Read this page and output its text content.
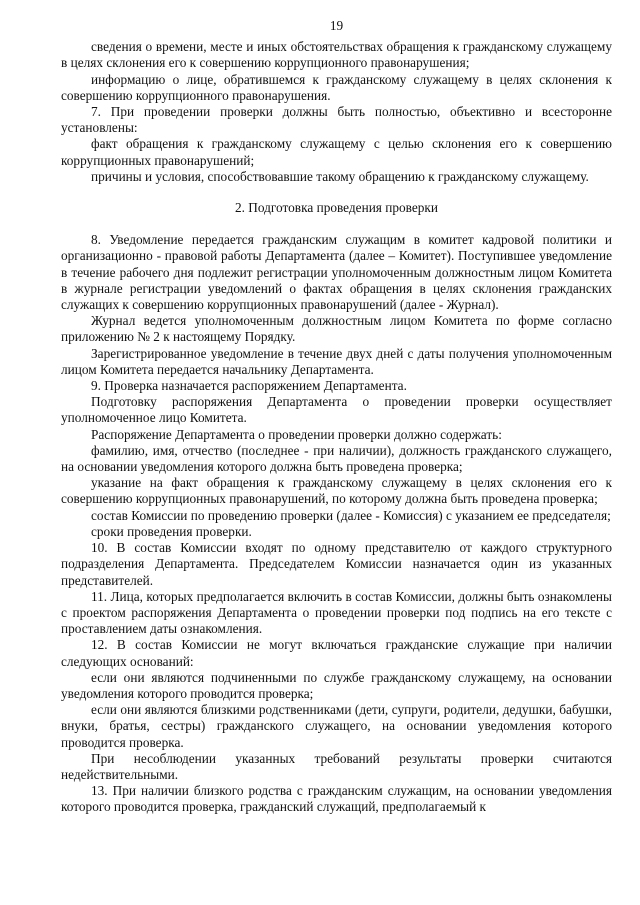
19

сведения о времени, месте и иных обстоятельствах обращения к гражданскому служащему в целях склонения его к совершению коррупционного правонарушения;

информацию о лице, обратившемся к гражданскому служащему в целях склонения к совершению коррупционного правонарушения.

7. При проведении проверки должны быть полностью, объективно и всесторонне установлены:

факт обращения к гражданскому служащему с целью склонения его к совершению коррупционных правонарушений;

причины и условия, способствовавшие такому обращению к гражданскому служащему.

2. Подготовка проведения проверки

8. Уведомление передается гражданским служащим в комитет кадровой политики и организационно - правовой работы Департамента (далее – Комитет). Поступившее уведомление в течение рабочего дня подлежит регистрации уполномоченным должностным лицом Комитета в журнале регистрации уведомлений о фактах обращения в целях склонения гражданских служащих к совершению коррупционных правонарушений (далее - Журнал).

Журнал ведется уполномоченным должностным лицом Комитета по форме согласно приложению № 2 к настоящему Порядку.

Зарегистрированное уведомление в течение двух дней с даты получения уполномоченным лицом Комитета передается начальнику Департамента.

9. Проверка назначается распоряжением Департамента.

Подготовку распоряжения Департамента о проведении проверки осуществляет уполномоченное лицо Комитета.

Распоряжение Департамента о проведении проверки должно содержать:

фамилию, имя, отчество (последнее - при наличии), должность гражданского служащего, на основании уведомления которого должна быть проведена проверка;

указание на факт обращения к гражданскому служащему в целях склонения его к совершению коррупционных правонарушений, по которому должна быть проведена проверка;

состав Комиссии по проведению проверки (далее - Комиссия) с указанием ее председателя;

сроки проведения проверки.

10. В состав Комиссии входят по одному представителю от каждого структурного подразделения Департамента. Председателем Комиссии назначается один из указанных представителей.

11. Лица, которых предполагается включить в состав Комиссии, должны быть ознакомлены с проектом распоряжения Департамента о проведении проверки под подпись на его тексте с проставлением даты ознакомления.

12. В состав Комиссии не могут включаться гражданские служащие при наличии следующих оснований:

если они являются подчиненными по службе гражданскому служащему, на основании уведомления которого проводится проверка;

если они являются близкими родственниками (дети, супруги, родители, дедушки, бабушки, внуки, братья, сестры) гражданского служащего, на основании уведомления которого проводится проверка.

При несоблюдении указанных требований результаты проверки считаются недействительными.

13. При наличии близкого родства с гражданским служащим, на основании уведомления которого проводится проверка, гражданский служащий, предполагаемый к
